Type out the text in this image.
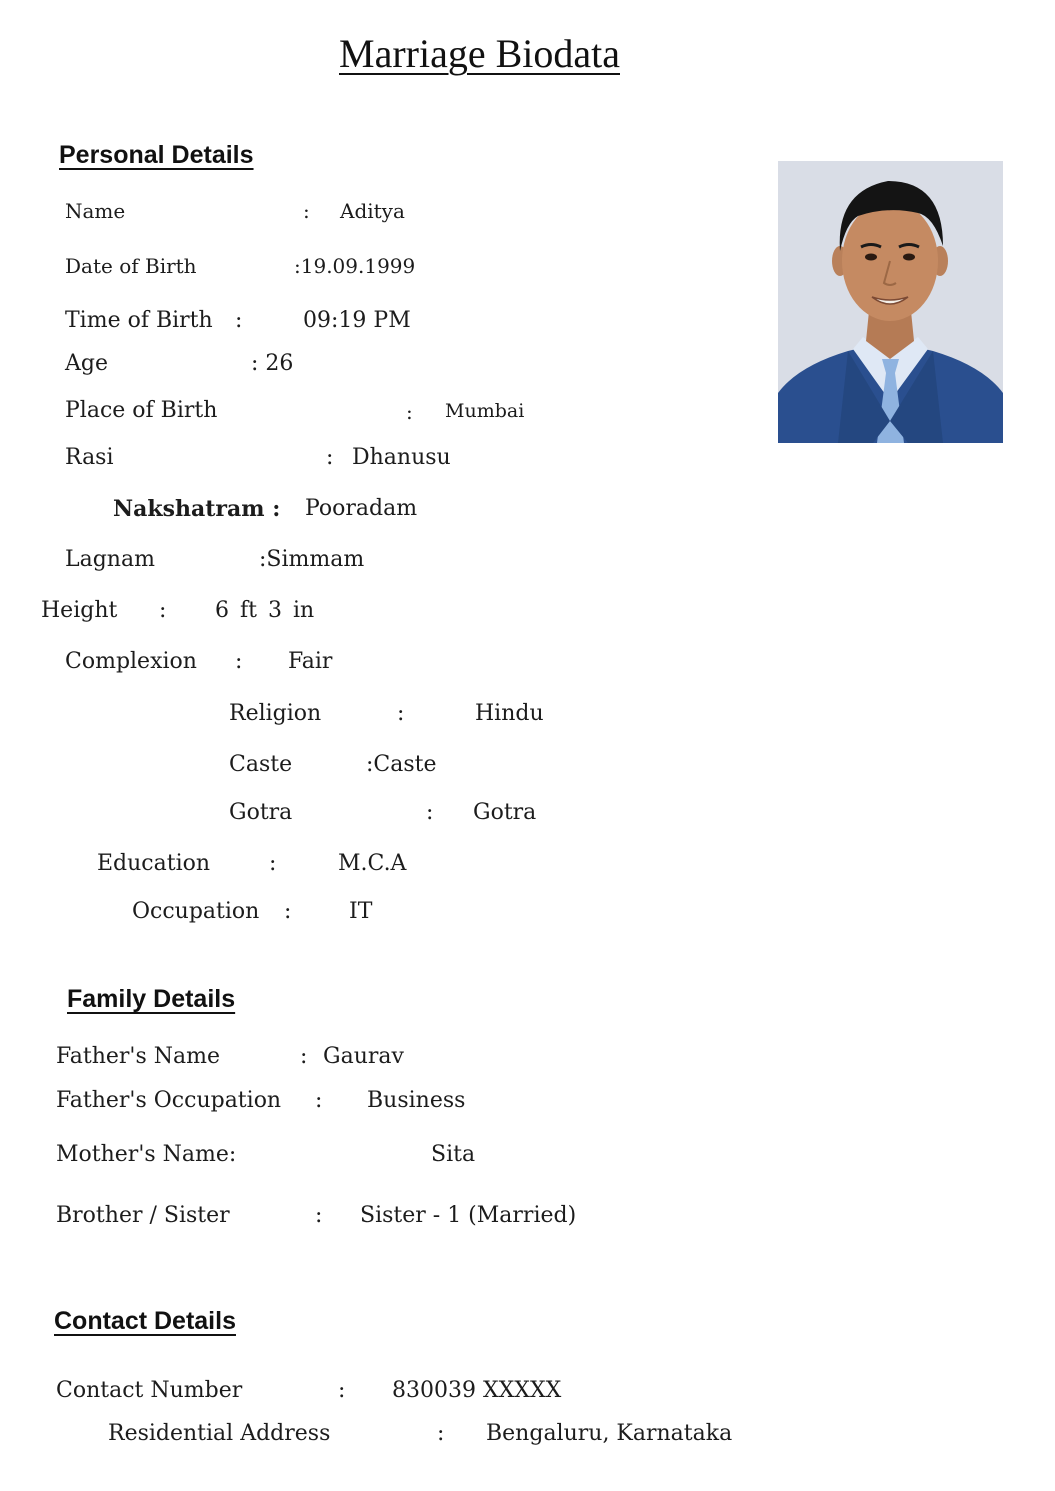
Marriage Biodata
Personal Details
Name	: Aditya
Date of Birth	:19.09.1999
Time of Birth :	09:19 PM
Age	: 26
Place of Birth	: Mumbai
Rasi	: Dhanusu
Nakshatram : Pooradam
Lagnam	:Simmam
Height : 6 ft 3 in
Complexion : Fair
Religion	:	Hindu
Caste	:Caste
Gotra	: Gotra
Education	:	M.C.A
Occupation :	IT
Family Details
Father's Name	: Gaurav
Father's Occupation : Business
Mother's Name:	Sita
Brother / Sister	: Sister - 1 (Married)
Contact Details
Contact Number	: 830039 XXXXX
Residential Address	: Bengaluru, Karnataka
